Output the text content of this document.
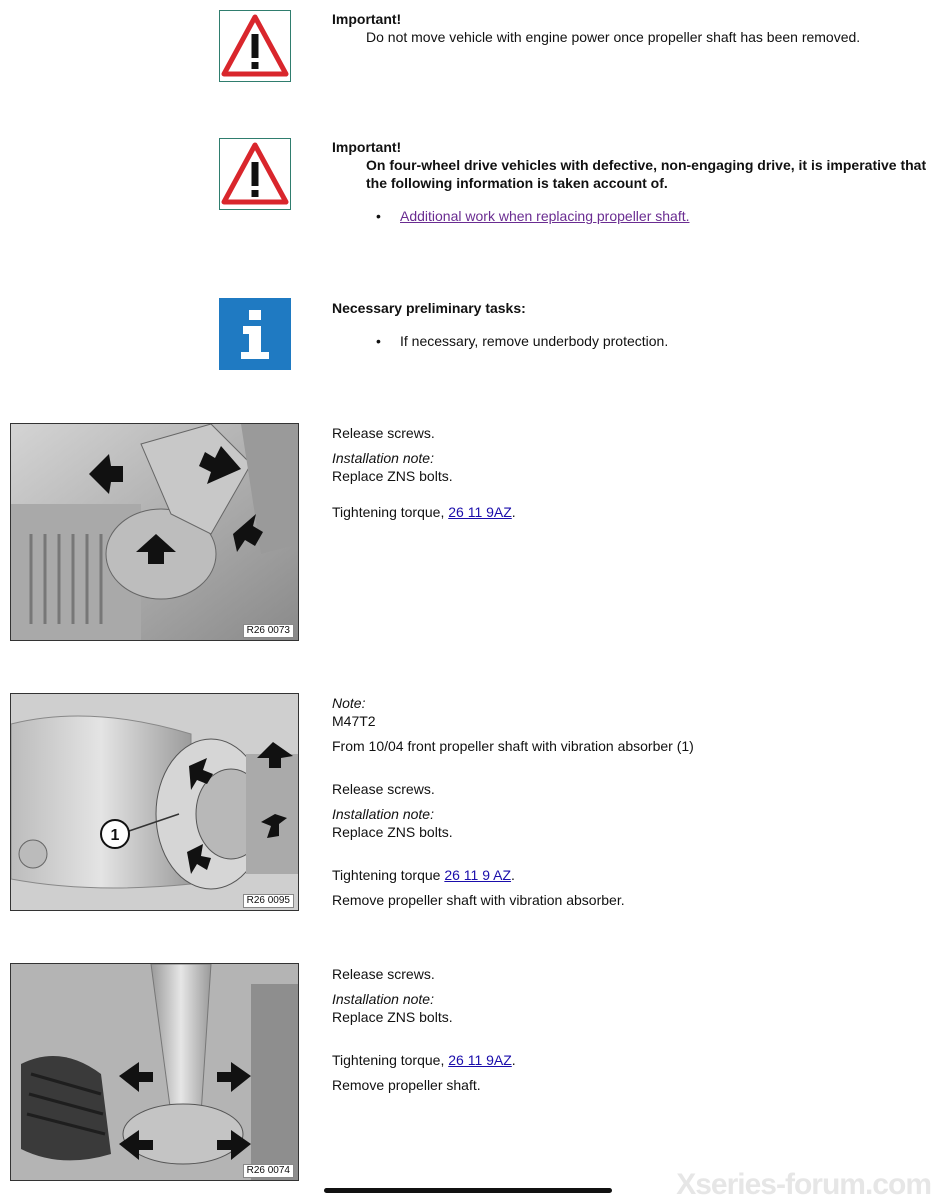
Important!

Do not move vehicle with engine power once propeller shaft has been removed.

Important!

On four-wheel drive vehicles with defective, non-engaging drive, it is imperative that the following information is taken account of.

• Additional work when replacing propeller shaft.

Necessary preliminary tasks:

• If necessary, remove underbody protection.

R26 0073

Release screws.

Installation note:

Replace ZNS bolts.

Tightening torque, 26 11 9AZ.

1
R26 0095

Note:

M47T2

From 10/04 front propeller shaft with vibration absorber (1)

Release screws.

Installation note:

Replace ZNS bolts.

Tightening torque 26 11 9 AZ.

Remove propeller shaft with vibration absorber.

R26 0074

Release screws.

Installation note:

Replace ZNS bolts.

Tightening torque, 26 11 9AZ.

Remove propeller shaft.

Xseries-forum.com
